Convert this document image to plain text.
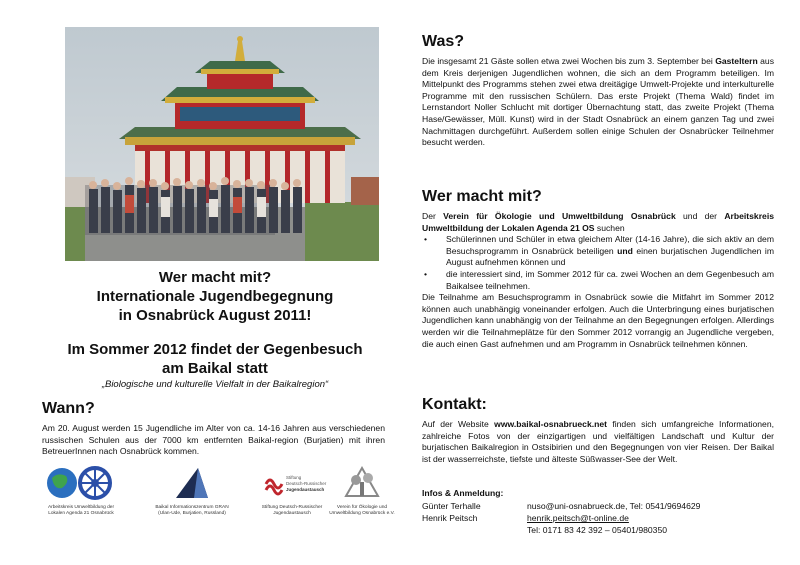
Wer macht mit?
Internationale Jugendbegegnung
in Osnabrück August 2011!
Im Sommer 2012 findet der Gegenbesuch
am Baikal statt
„Biologische und kulturelle Vielfalt in der Baikalregion“
Wann?

Am 20. August werden 15 Jugendliche im Alter von ca. 14-16 Jahren aus verschiedenen russischen Schulen aus der 7000 km entfernten Baikal-region (Burjatien) mit ihren BetreuerInnen nach Osnabrück kommen.

Arbeitskreis Umweltbildung der Lokalen Agenda 21 Osnabrück
Baikal Informationszentrum GRAN (Ulan-Ude, Burjatien, Russland)
Stiftung
Deutsch-Russischer
Jugendaustausch
Stiftung Deutsch-Russischer Jugendaustausch
Verein für Ökologie und Umweltbildung Osnabrück e.V.
Was?

Die insgesamt 21 Gäste sollen etwa zwei Wochen bis zum 3. September bei Gasteltern aus dem Kreis derjenigen Jugendlichen wohnen, die sich an dem Programm beteiligen. Im Mittelpunkt des Programms stehen zwei etwa dreitägige Umwelt-Projekte und interkulturelle Programme mit den russischen Schülern. Das erste Projekt (Thema Wald) findet im Lernstandort Noller Schlucht mit dortiger Übernachtung statt, das zweite Projekt (Thema Hase/Gewässer, Müll. Kunst) wird in der Stadt Osnabrück an einem ganzen Tag und zwei Nachmittagen durchgeführt. Außerdem sollen einige Schulen der Osnabrücker Teilnehmer besucht werden.

Wer macht mit?
Der Verein für Ökologie und Umweltbildung Osnabrück und der Arbeitskreis Umweltbildung der Lokalen Agenda 21 OS suchen
• Schülerinnen und Schüler in etwa gleichem Alter (14-16 Jahre), die sich aktiv an dem Besuchsprogramm in Osnabrück beteiligen und einen burjatischen Jugendlichen im August aufnehmen können und
• die interessiert sind, im Sommer 2012 für ca. zwei Wochen an dem Gegenbesuch am Baikalsee teilnehmen.
Die Teilnahme am Besuchsprogramm in Osnabrück sowie die Mitfahrt im Sommer 2012 können auch unabhängig voneinander erfolgen. Auch die Unterbringung eines burjatischen Jugendlichen kann unabhängig von der Teilnahme an den Begegnungen erfolgen. Allerdings werden wir die Teilnahmeplätze für den Sommer 2012 vorrangig an Jugendliche vergeben, die auch einen Gast aufnehmen und am Programm in Osnabrück teilnehmen können.
Kontakt:

Auf der Website www.baikal-osnabrueck.net finden sich umfangreiche Informationen, zahlreiche Fotos von der einzigartigen und vielfältigen Landschaft und Kultur der burjatischen Baikalregion in Ostsibirien und den Begegnungen von vier Reisen. Der Baikal ist der wasserreichste, tiefste und älteste Süßwasser-See der Welt.

Infos & Anmeldung:
Günter Terhalle	nuso@uni-osnabrueck.de, Tel: 0541/9694629
Henrik Peitsch	henrik.peitsch@t-online.de
Tel: 0171 83 42 392 – 05401/980350
